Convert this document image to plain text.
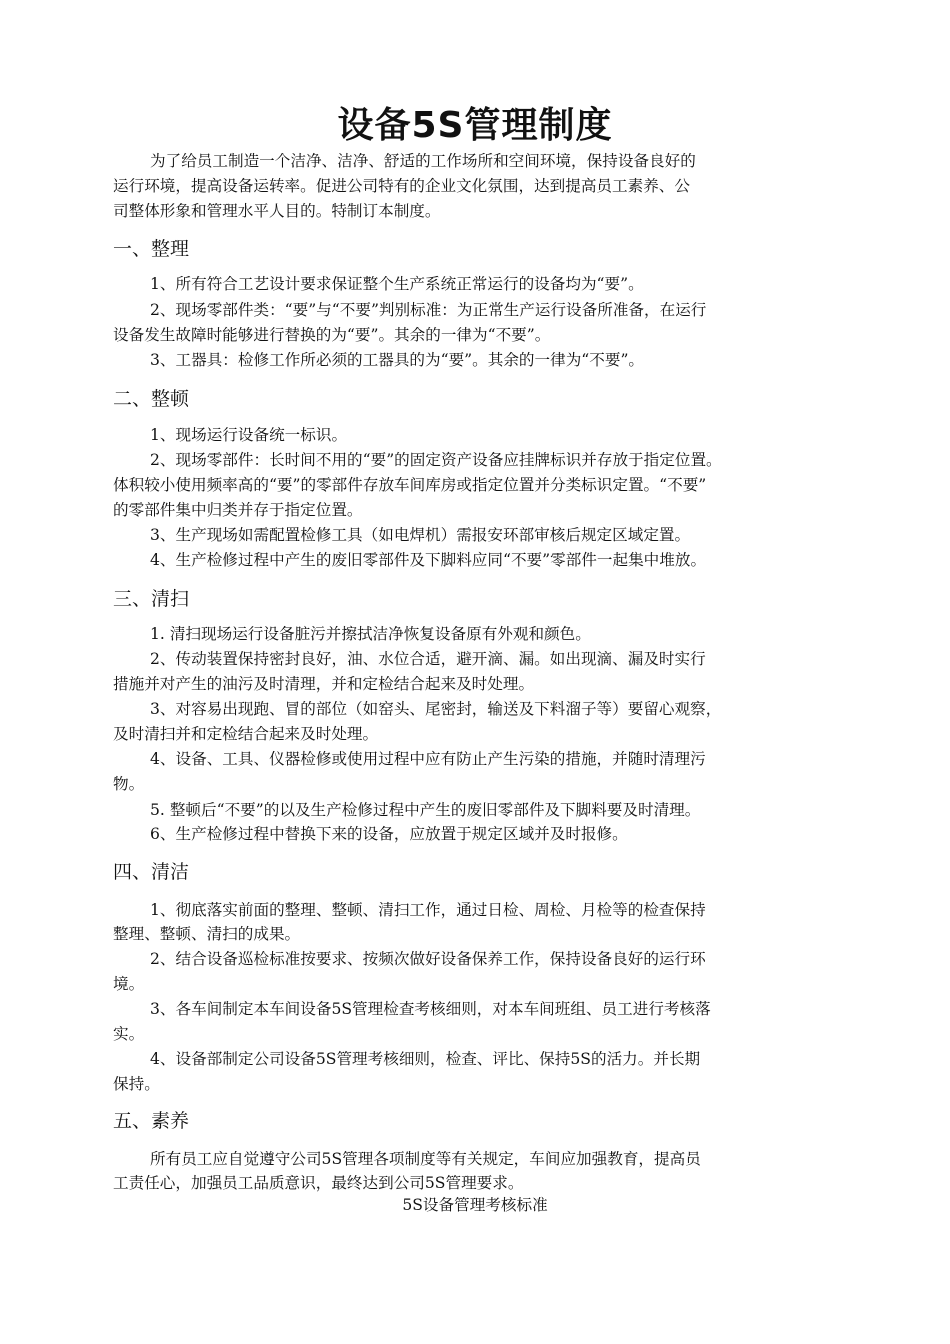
设备5S管理制度

为了给员工制造一个洁净、洁净、舒适的工作场所和空间环境，保持设备良好的

运行环境，提高设备运转率。促进公司特有的企业文化氛围，达到提高员工素养、公

司整体形象和管理水平人目的。特制订本制度。

一、整理

1、所有符合工艺设计要求保证整个生产系统正常运行的设备均为“要”。

2、现场零部件类：“要”与“不要”判别标准：为正常生产运行设备所准备，在运行

设备发生故障时能够进行替换的为“要”。其余的一律为“不要”。

3、工器具：检修工作所必须的工器具的为“要”。其余的一律为“不要”。

二、整顿

1、现场运行设备统一标识。

2、现场零部件：长时间不用的“要”的固定资产设备应挂牌标识并存放于指定位置。

体积较小使用频率高的“要”的零部件存放车间库房或指定位置并分类标识定置。“不要”

的零部件集中归类并存于指定位置。

3、生产现场如需配置检修工具（如电焊机）需报安环部审核后规定区域定置。

4、生产检修过程中产生的废旧零部件及下脚料应同“不要”零部件一起集中堆放。

三、清扫

1. 清扫现场运行设备脏污并擦拭洁净恢复设备原有外观和颜色。

2、传动装置保持密封良好，油、水位合适，避开滴、漏。如出现滴、漏及时实行

措施并对产生的油污及时清理，并和定检结合起来及时处理。

3、对容易出现跑、冒的部位（如窑头、尾密封，输送及下料溜子等）要留心观察，

及时清扫并和定检结合起来及时处理。

4、设备、工具、仪器检修或使用过程中应有防止产生污染的措施，并随时清理污

物。

5. 整顿后“不要”的以及生产检修过程中产生的废旧零部件及下脚料要及时清理。

6、生产检修过程中替换下来的设备，应放置于规定区域并及时报修。

四、清洁

1、彻底落实前面的整理、整顿、清扫工作，通过日检、周检、月检等的检查保持

整理、整顿、清扫的成果。

2、结合设备巡检标准按要求、按频次做好设备保养工作，保持设备良好的运行环

境。

3、各车间制定本车间设备5S管理检查考核细则，对本车间班组、员工进行考核落

实。

4、设备部制定公司设备5S管理考核细则，检查、评比、保持5S的活力。并长期

保持。

五、素养

所有员工应自觉遵守公司5S管理各项制度等有关规定，车间应加强教育，提高员

工责任心，加强员工品质意识，最终达到公司5S管理要求。

5S设备管理考核标准
